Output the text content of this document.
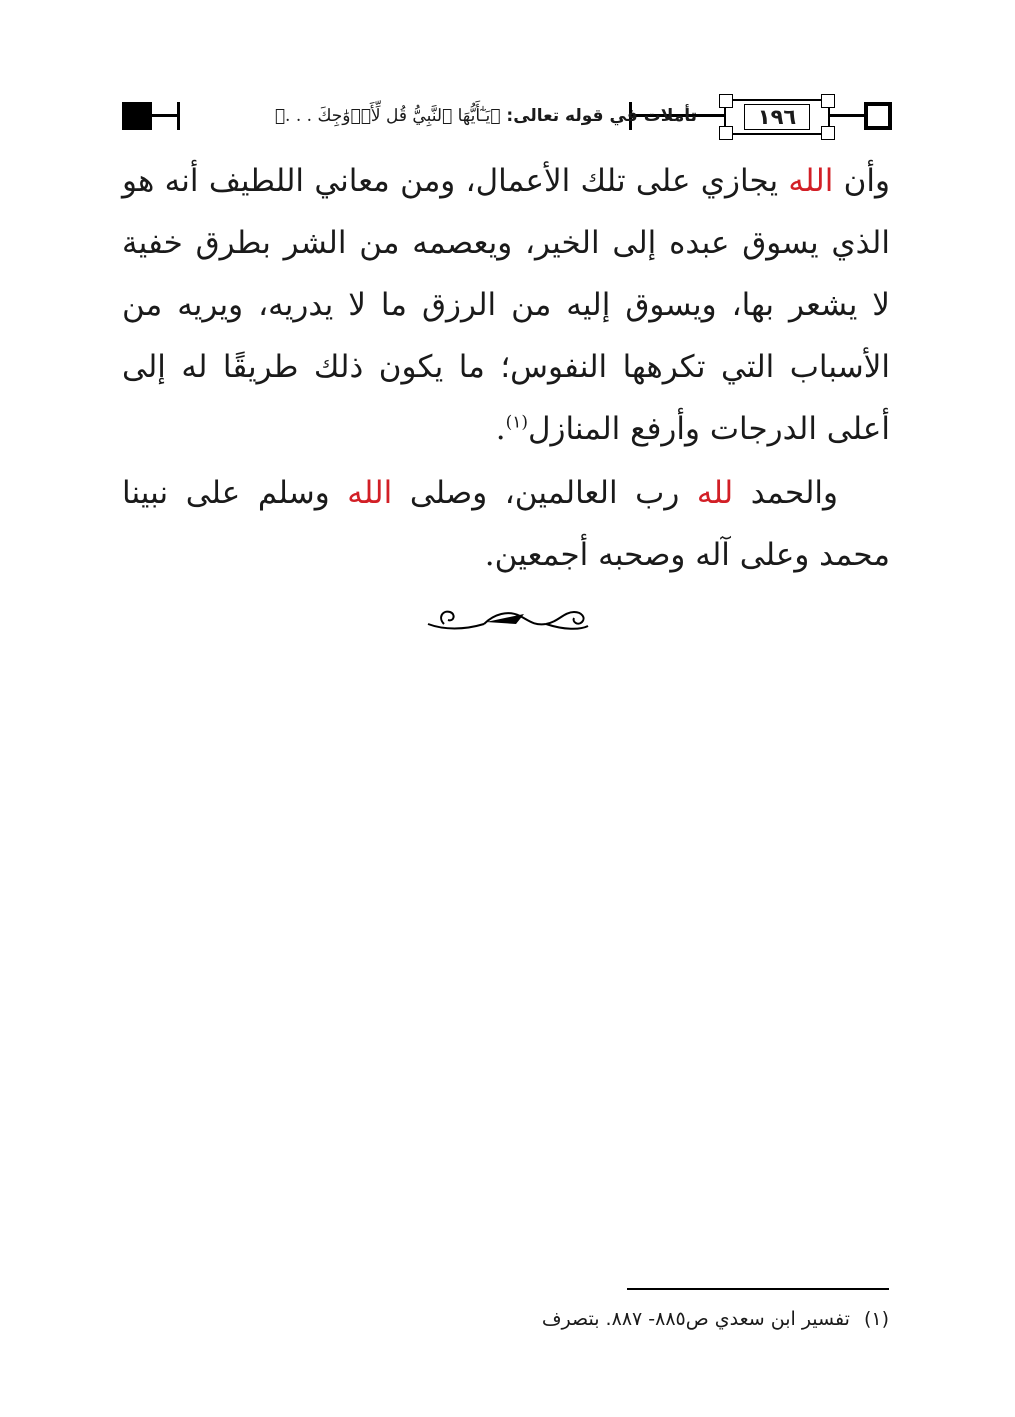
١٩٦
تأملات في قوله تعالى: ﴿يَـٰٓأَيُّهَا ٱلنَّبِيُّ قُل لِّأَزۡوَٰجِكَ . . .﴾
وأن الله يجازي على تلك الأعمال، ومن معاني اللطيف أنه هو الذي يسوق عبده إلى الخير، ويعصمه من الشر بطرق خفية لا يشعر بها، ويسوق إليه من الرزق ما لا يدريه، ويريه من الأسباب التي تكرهها النفوس؛ ما يكون ذلك طريقًا له إلى أعلى الدرجات وأرفع المنازل$^{(١)}$.
والحمد لله رب العالمين، وصلى الله وسلم على نبينا محمد وعلى آله وصحبه أجمعين.
(١) تفسير ابن سعدي ص٨٨٥- ٨٨٧. بتصرف
